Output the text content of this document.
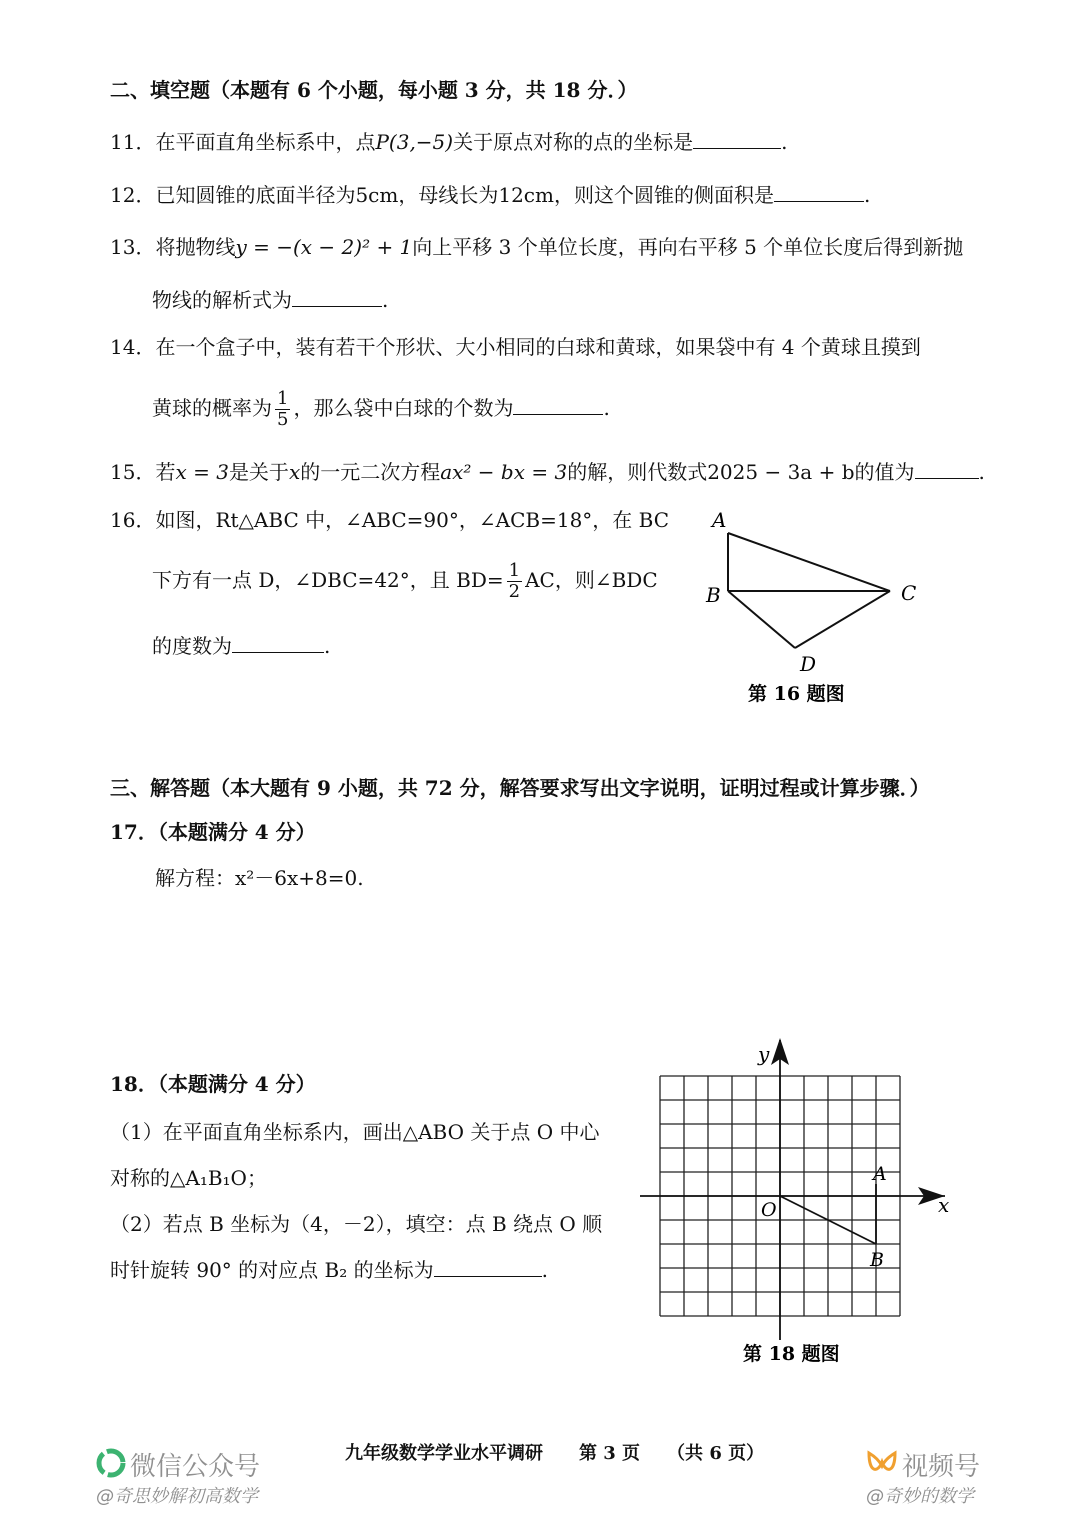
二、填空题（本题有 6 个小题，每小题 3 分，共 18 分．）
11．在平面直角坐标系中，点P(3,−5)关于原点对称的点的坐标是	.
12．已知圆锥的底面半径为5cm，母线长为12cm，则这个圆锥的侧面积是	.
13．将抛物线y = −(x − 2)² + 1向上平移 3 个单位长度，再向右平移 5 个单位长度后得到新抛
物线的解析式为	.
14．在一个盒子中，装有若干个形状、大小相同的白球和黄球，如果袋中有 4 个黄球且摸到
黄球的概率为 $\frac{1}{5}$ ，那么袋中白球的个数为	.
15．若x = 3是关于x的一元二次方程ax² − bx = 3的解，则代数式2025 − 3a + b的值为	.
16．如图，Rt△ABC 中，∠ABC=90°，∠ACB=18°，在 BC
下方有一点 D，∠DBC=42°，且 $BD= \frac{1}{2}$ AC，则∠BDC
的度数为	.
A
B	C
D
第 16 题图
三、解答题（本大题有 9 小题，共 72 分，解答要求写出文字说明，证明过程或计算步骤．）
17．（本题满分 4 分）
解方程：x²－6x+8=0.
18．（本题满分 4 分）
（1）在平面直角坐标系内，画出△ABO 关于点 O 中心
对称的△A₁B₁O；
（2）若点 B 坐标为（4，－2），填空：点 B 绕点 O 顺
时针旋转 90° 的对应点 B₂ 的坐标为	.
x
y
O
A
B
第 18 题图
九年级数学学业水平调研　　第 3 页　　（共 6 页）
微信公众号
@奇思妙解初高数学
视频号
@奇妙的数学
